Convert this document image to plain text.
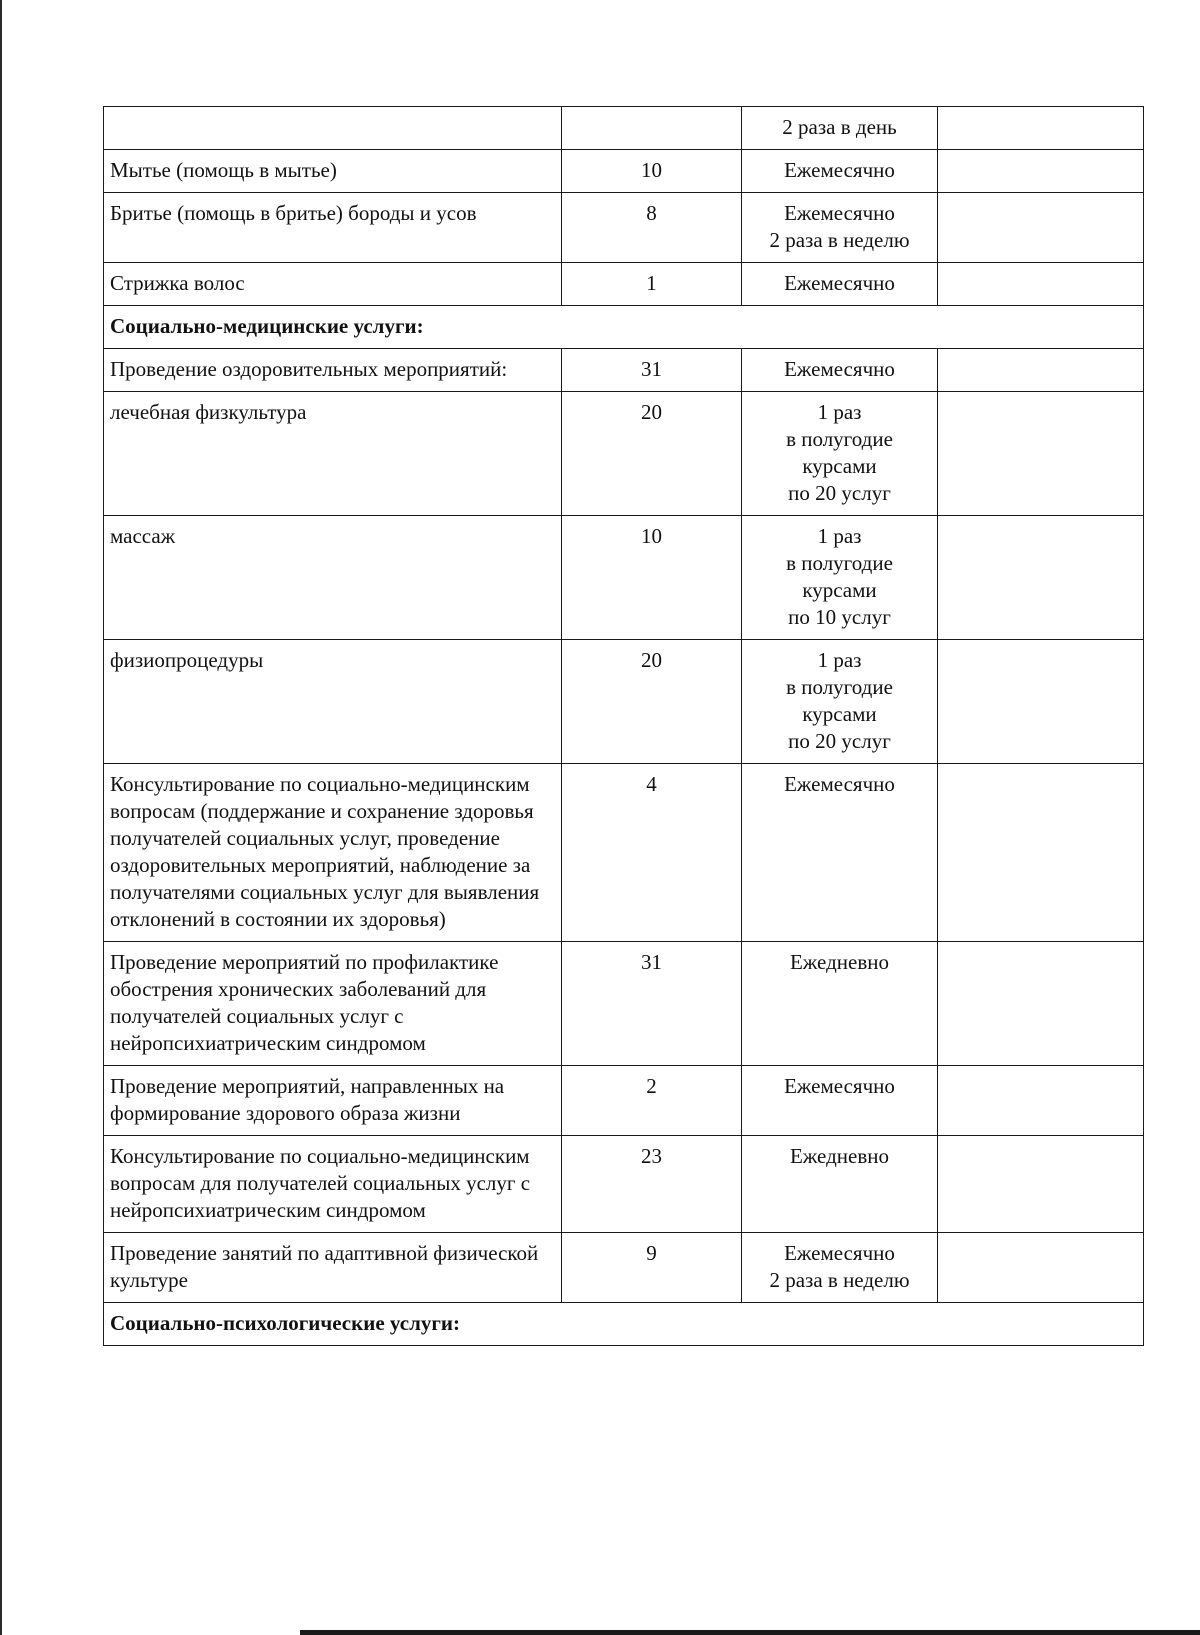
		2 раза в день	

Мытье (помощь в мытье)	10	Ежемесячно	

Бритье (помощь в бритье) бороды и усов	8	Ежемесячно
2 раза в неделю	

Стрижка волос	1	Ежемесячно	

Социально-медицинские услуги:			
Проведение оздоровительных мероприятий:	31	Ежемесячно	

лечебная физкультура	20	1 раз
в полугодие
курсами
по 20 услуг	

массаж	10	1 раз
в полугодие
курсами
по 10 услуг	

физиопроцедуры	20	1 раз
в полугодие
курсами
по 20 услуг	

Консультирование по социально-медицинским вопросам (поддержание и сохранение здоровья получателей социальных услуг, проведение оздоровительных мероприятий, наблюдение за получателями социальных услуг для выявления отклонений в состоянии их здоровья)	4	Ежемесячно	

Проведение мероприятий по профилактике обострения хронических заболеваний для получателей социальных услуг с нейропсихиатрическим синдромом	31	Ежедневно	

Проведение мероприятий, направленных на формирование здорового образа жизни	2	Ежемесячно	

Консультирование по социально-медицинским вопросам для получателей социальных услуг с нейропсихиатрическим синдромом	23	Ежедневно	

Проведение занятий по адаптивной физической культуре	9	Ежемесячно
2 раза в неделю	

Социально-психологические услуги:			
